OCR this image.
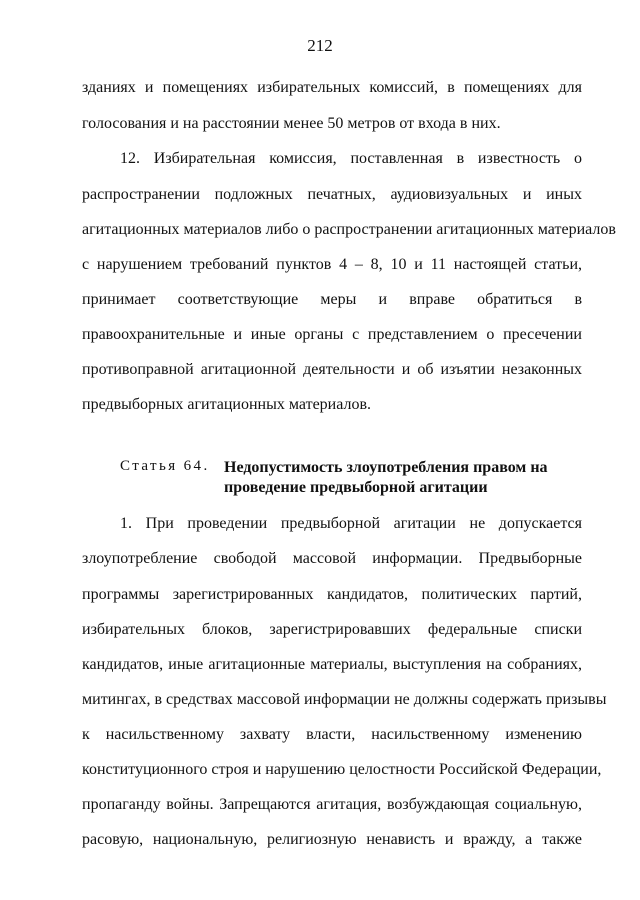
212
зданиях и помещениях избирательных комиссий, в помещениях для
голосования и на расстоянии менее 50 метров от входа в них.
12. Избирательная комиссия, поставленная в известность о
распространении подложных печатных, аудиовизуальных и иных
агитационных материалов либо о распространении агитационных материалов
с нарушением требований пунктов 4 – 8, 10 и 11 настоящей статьи,
принимает соответствующие меры и вправе обратиться в
правоохранительные и иные органы с представлением о пресечении
противоправной агитационной деятельности и об изъятии незаконных
предвыборных агитационных материалов.
Статья 64. Недопустимость злоупотребления правом на
проведение предвыборной агитации
1. При проведении предвыборной агитации не допускается
злоупотребление свободой массовой информации. Предвыборные
программы зарегистрированных кандидатов, политических партий,
избирательных блоков, зарегистрировавших федеральные списки
кандидатов, иные агитационные материалы, выступления на собраниях,
митингах, в средствах массовой информации не должны содержать призывы
к насильственному захвату власти, насильственному изменению
конституционного строя и нарушению целостности Российской Федерации,
пропаганду войны. Запрещаются агитация, возбуждающая социальную,
расовую, национальную, религиозную ненависть и вражду, а также
